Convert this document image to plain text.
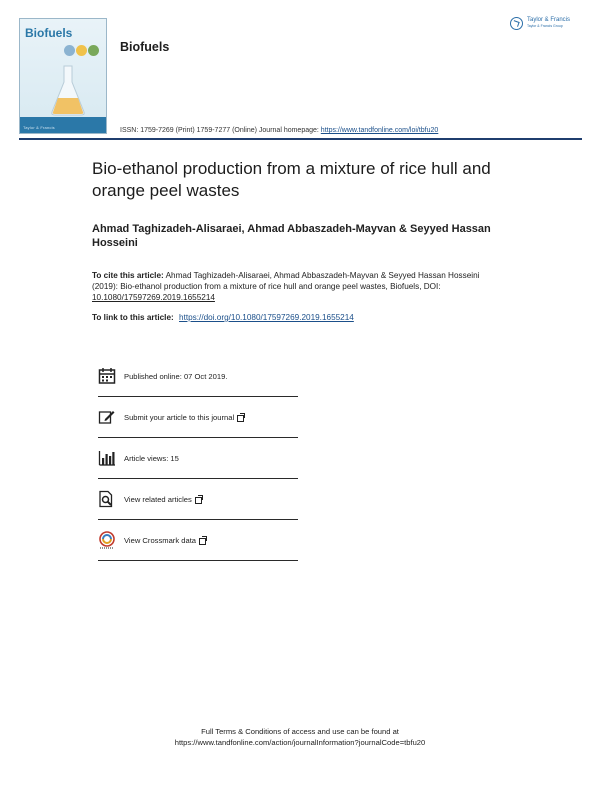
Biofuels
Taylor & Francis
Biofuels
ISSN: 1759-7269 (Print) 1759-7277 (Online) Journal homepage: https://www.tandfonline.com/loi/tbfu20
Taylor & Francis
Taylor & Francis Group
Bio-ethanol production from a mixture of rice hull and orange peel wastes
Ahmad Taghizadeh-Alisaraei, Ahmad Abbaszadeh-Mayvan & Seyyed Hassan Hosseini
To cite this article: Ahmad Taghizadeh-Alisaraei, Ahmad Abbaszadeh-Mayvan & Seyyed Hassan Hosseini (2019): Bio-ethanol production from a mixture of rice hull and orange peel wastes, Biofuels, DOI: 10.1080/17597269.2019.1655214
To link to this article: https://doi.org/10.1080/17597269.2019.1655214
Published online: 07 Oct 2019.
Submit your article to this journal
Article views: 15
View related articles
View Crossmark data
Full Terms & Conditions of access and use can be found at
https://www.tandfonline.com/action/journalInformation?journalCode=tbfu20
